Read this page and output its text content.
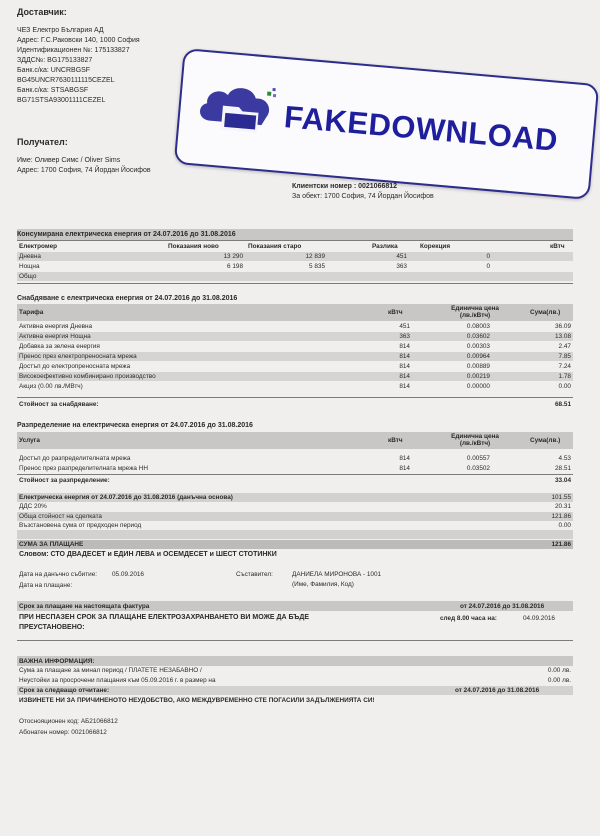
Доставчик:
ЧЕЗ Електро България АД
Адрес: Г.С.Раковски 140, 1000 София
Идентификационен №: 175133827
ЗДДС№: BG175133827
Банк.с/ка: UNCRBGSF
BG45UNCR7630111115CEZEL
Банк.с/ка: STSABGSF
BG71STSA93001111CEZEL
Получател:
Име: Оливер Симс / Oliver Sims
Адрес: 1700 София, 74 Йордан Йосифов
Клиентски номер : 0021066812
За обект: 1700 София, 74 Йордан Йосифов
Консумирана електрическа енергия от 24.07.2016 до 31.08.2016
Електромер	Показания ново	Показания старо	Разлика	Корекция	кВтч
Дневна	13 290	12 839	451	0
Нощна	6 198	5 835	363	0
Общо
Снабдяване с електрическа енергия от 24.07.2016 до 31.08.2016
Тарифа	кВтч
Единична цена
(лв./кВтч)	Сума(лв.)
Активна енергия Дневна	451	0.08003	36.09
Активна енергия Нощна	363	0.03602	13.08
Добавка за зелена енергия	814	0.00303	2.47
Пренос през електропреносната мрежа	814	0.00964	7.85
Достъп до електропреносната мрежа	814	0.00889	7.24
Високоефективно комбинирано производство	814	0.00219	1.78
Акциз (0.00 лв./МВтч)	814	0.00000	0.00
Стойност за снабдяване:	68.51
Разпределение на електрическа енергия от 24.07.2016 до 31.08.2016
Услуга	кВтч
Единична цена
(лв./кВтч)	Сума(лв.)
Достъп до разпределителната мрежа	814	0.00557	4.53
Пренос през разпределителната мрежа НН	814	0.03502	28.51
Стойност за разпределение:	33.04
Електрическа енергия от 24.07.2016 до 31.08.2016 (данъчна основа)	101.55
ДДС 20%	20.31
Обща стойност на сделката	121.86
Възстановена сума от предходен период	0.00
СУМА ЗА ПЛАЩАНЕ	121.86
Словом: СТО ДВАДЕСЕТ и ЕДИН ЛЕВА и ОСЕМДЕСЕТ и ШЕСТ СТОТИНКИ
Дата на данъчно събитие: 05.09.2016
Дата на плащане:
Съставител:	ДАНИЕЛА МИРОНОВА - 1001
(Име, Фамилия, Код)
Срок за плащане на настоящата фактура	от 24.07.2016 до 31.08.2016
ПРИ НЕСПАЗЕН СРОК ЗА ПЛАЩАНЕ ЕЛЕКТРОЗАХРАНВАНЕТО ВИ МОЖЕ ДА БЪДЕ
ПРЕУСТАНОВЕНО:
след 8.00 часа на:	04.09.2016
ВАЖНА ИНФОРМАЦИЯ:
Сума за плащане за минал период / ПЛАТЕТЕ НЕЗАБАВНО /	0.00 лв.
Неустойки за просрочени плащания към 05.09.2016 г. в размер на	0.00 лв.
Срок за следващо отчитане:	от 24.07.2016 до 31.08.2016
ИЗВИНЕТЕ НИ ЗА ПРИЧИНЕНОТО НЕУДОБСТВО, АКО МЕЖДУВРЕМЕННО СТЕ ПОГАСИЛИ ЗАДЪЛЖЕНИЯТА СИ!
Отоснояционен код: АБ21066812
Абонатен номер: 0021066812
FAKEDOWNLOAD
